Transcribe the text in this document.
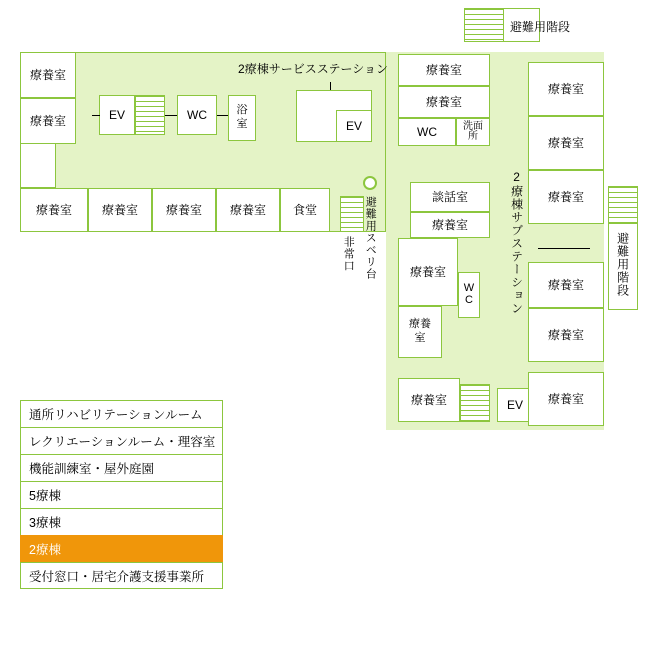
避難用階段
療養室
療養室	EV	WC	浴
室
療養室	療養室	療養室	療養室	食堂
非常口 避難用スベリ台
2療棟サービスステーション
EV
療養室
療養室
WC	洗面
所
談話室
療養室
療養室
W
C
療養
室
療養室	EV
2療棟サブステーション
療養室
療養室
療養室
療養室
療養室
療養室
避難用階段
通所リハビリテーションルーム
レクリエーションルーム・理容室
機能訓練室・屋外庭園
5療棟
3療棟
2療棟
受付窓口・居宅介護支援事業所
